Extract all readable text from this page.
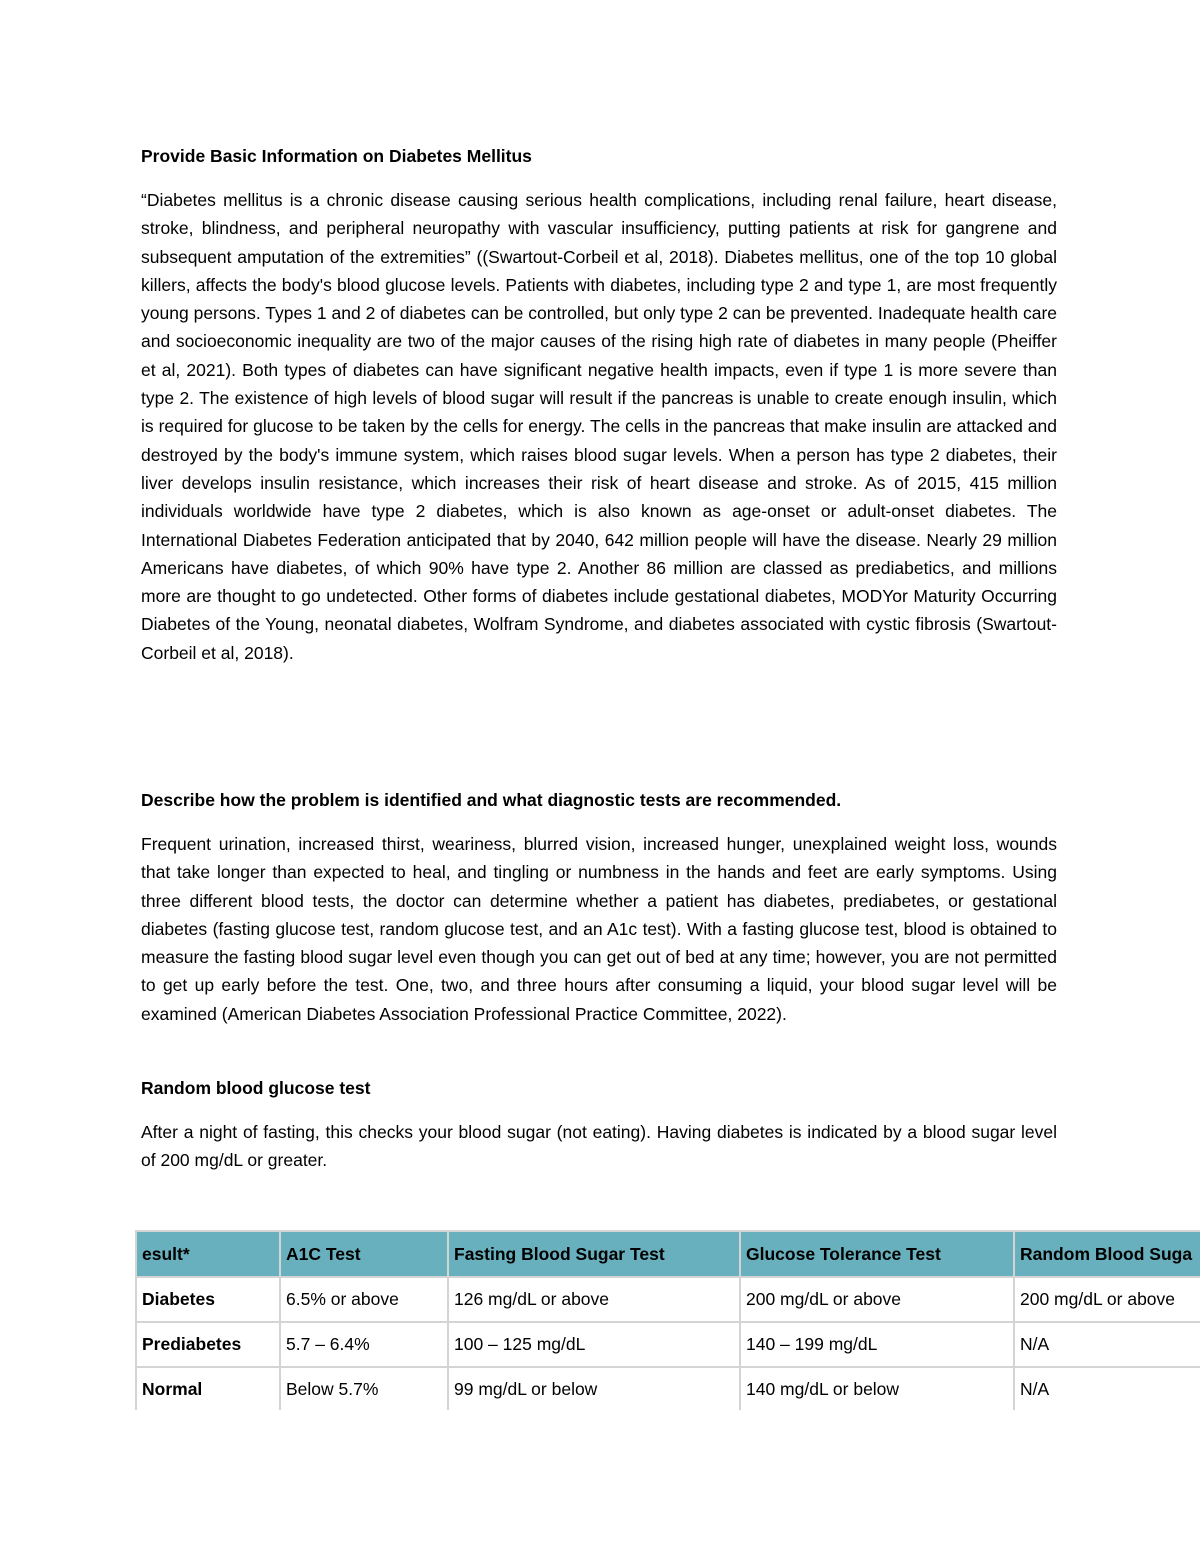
Provide Basic Information on Diabetes Mellitus
“Diabetes mellitus is a chronic disease causing serious health complications, including renal failure, heart disease, stroke, blindness, and peripheral neuropathy with vascular insufficiency, putting patients at risk for gangrene and subsequent amputation of the extremities” ((Swartout-Corbeil et al, 2018). Diabetes mellitus, one of the top 10 global killers, affects the body's blood glucose levels. Patients with diabetes, including type 2 and type 1, are most frequently young persons. Types 1 and 2 of diabetes can be controlled, but only type 2 can be prevented. Inadequate health care and socioeconomic inequality are two of the major causes of the rising high rate of diabetes in many people (Pheiffer et al, 2021). Both types of diabetes can have significant negative health impacts, even if type 1 is more severe than type 2. The existence of high levels of blood sugar will result if the pancreas is unable to create enough insulin, which is required for glucose to be taken by the cells for energy. The cells in the pancreas that make insulin are attacked and destroyed by the body's immune system, which raises blood sugar levels. When a person has type 2 diabetes, their liver develops insulin resistance, which increases their risk of heart disease and stroke. As of 2015, 415 million individuals worldwide have type 2 diabetes, which is also known as age-onset or adult-onset diabetes. The International Diabetes Federation anticipated that by 2040, 642 million people will have the disease. Nearly 29 million Americans have diabetes, of which 90% have type 2. Another 86 million are classed as prediabetics, and millions more are thought to go undetected. Other forms of diabetes include gestational diabetes, MODYor Maturity Occurring Diabetes of the Young, neonatal diabetes, Wolfram Syndrome, and diabetes associated with cystic fibrosis (Swartout-Corbeil et al, 2018).
Describe how the problem is identified and what diagnostic tests are recommended.
Frequent urination, increased thirst, weariness, blurred vision, increased hunger, unexplained weight loss, wounds that take longer than expected to heal, and tingling or numbness in the hands and feet are early symptoms. Using three different blood tests, the doctor can determine whether a patient has diabetes, prediabetes, or gestational diabetes (fasting glucose test, random glucose test, and an A1c test). With a fasting glucose test, blood is obtained to measure the fasting blood sugar level even though you can get out of bed at any time; however, you are not permitted to get up early before the test. One, two, and three hours after consuming a liquid, your blood sugar level will be examined (American Diabetes Association Professional Practice Committee, 2022).
Random blood glucose test
After a night of fasting, this checks your blood sugar (not eating). Having diabetes is indicated by a blood sugar level of 200 mg/dL or greater.
esult*	A1C Test	Fasting Blood Sugar Test	Glucose Tolerance Test	Random Blood Suga
Diabetes	6.5% or above	126 mg/dL or above	200 mg/dL or above	200 mg/dL or above
Prediabetes	5.7 – 6.4%	100 – 125 mg/dL	140 – 199 mg/dL	N/A
Normal	Below 5.7%	99 mg/dL or below	140 mg/dL or below	N/A
